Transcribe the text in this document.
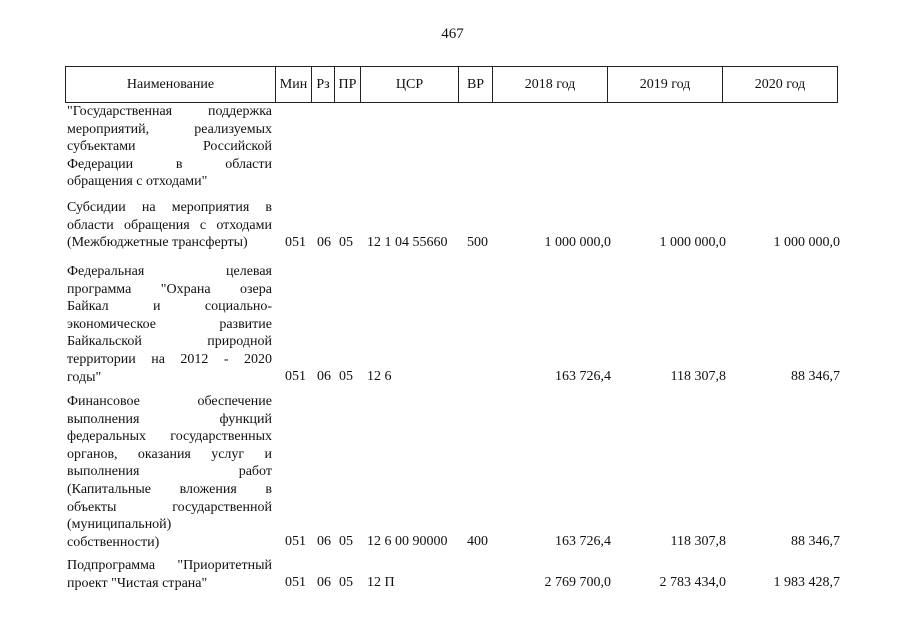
467
Наименование	Мин Рз ПР	ЦСР	ВР	2018 год	2019 год	2020 год
"Государственная поддержка
мероприятий, реализуемых
субъектами Российской
Федерации в области
обращения с отходами"
Субсидии на мероприятия в
области обращения с отходами
(Межбюджетные трансферты)	051 06 05 12 1 04 55660 500	1 000 000,0	1 000 000,0	1 000 000,0
Федеральная целевая
программа "Охрана озера
Байкал и социально-
экономическое развитие
Байкальской природной
территории на 2012 - 2020
годы"	051 06 05 12 6	163 726,4	118 307,8	88 346,7
Финансовое обеспечение
выполнения функций
федеральных государственных
органов, оказания услуг и
выполнения работ
(Капитальные вложения в
объекты государственной
(муниципальной)
собственности)	051 06 05 12 6 00 90000 400	163 726,4	118 307,8	88 346,7
Подпрограмма "Приоритетный
проект "Чистая страна"	051 06 05 12 П	2 769 700,0	2 783 434,0	1 983 428,7
